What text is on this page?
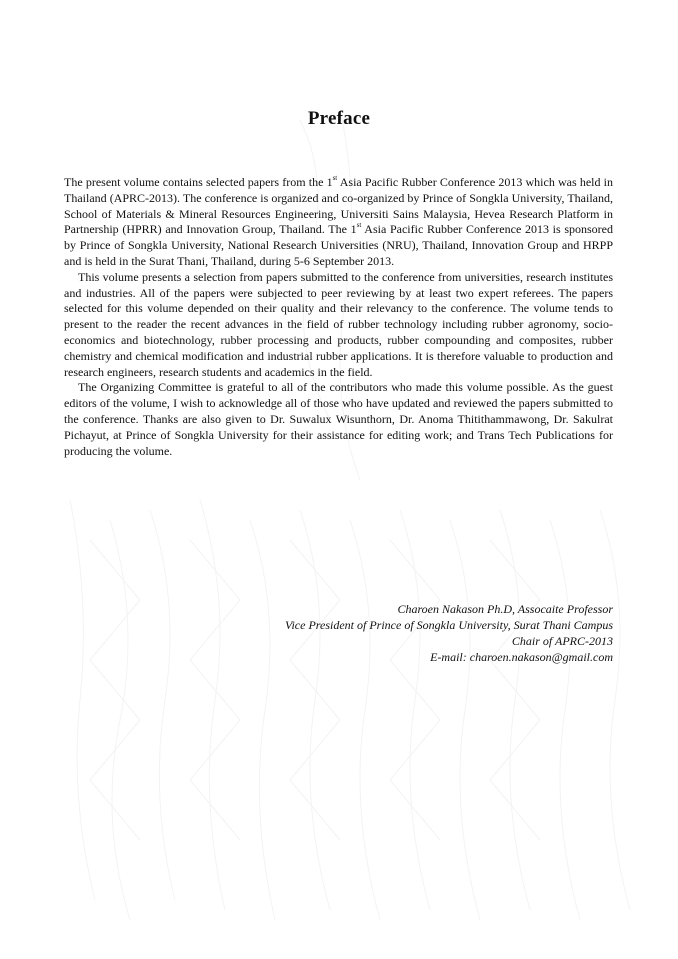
Preface

The present volume contains selected papers from the 1st Asia Pacific Rubber Conference 2013 which was held in Thailand (APRC-2013). The conference is organized and co-organized by Prince of Songkla University, Thailand, School of Materials & Mineral Resources Engineering, Universiti Sains Malaysia, Hevea Research Platform in Partnership (HPRR) and Innovation Group, Thailand. The 1st Asia Pacific Rubber Conference 2013 is sponsored by Prince of Songkla University, National Research Universities (NRU), Thailand, Innovation Group and HRPP and is held in the Surat Thani, Thailand, during 5-6 September 2013.

This volume presents a selection from papers submitted to the conference from universities, research institutes and industries. All of the papers were subjected to peer reviewing by at least two expert referees. The papers selected for this volume depended on their quality and their relevancy to the conference. The volume tends to present to the reader the recent advances in the field of rubber technology including rubber agronomy, socio-economics and biotechnology, rubber processing and products, rubber compounding and composites, rubber chemistry and chemical modification and industrial rubber applications. It is therefore valuable to production and research engineers, research students and academics in the field.

The Organizing Committee is grateful to all of the contributors who made this volume possible. As the guest editors of the volume, I wish to acknowledge all of those who have updated and reviewed the papers submitted to the conference. Thanks are also given to Dr. Suwalux Wisunthorn, Dr. Anoma Thitithammawong, Dr. Sakulrat Pichayut, at Prince of Songkla University for their assistance for editing work; and Trans Tech Publications for producing the volume.

Charoen Nakason Ph.D, Assocaite Professor
Vice President of Prince of Songkla University, Surat Thani Campus
Chair of APRC-2013
E-mail: charoen.nakason@gmail.com
